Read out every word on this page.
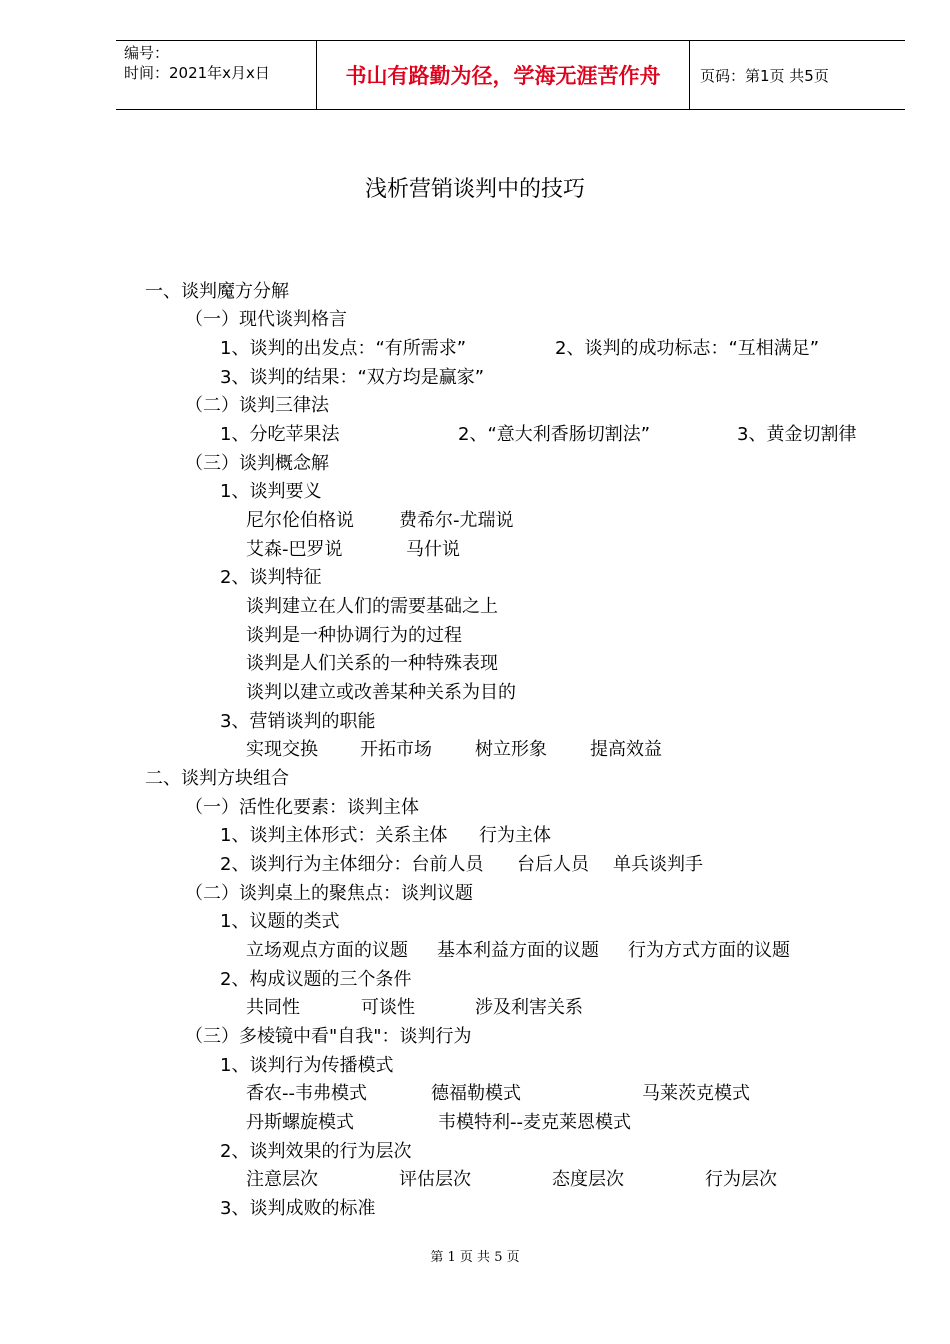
编号：
时间：2021年x月x日	书山有路勤为径，学海无涯苦作舟	页码：第1页 共5页
浅析营销谈判中的技巧
一、谈判魔方分解
（一）现代谈判格言
1、谈判的出发点：“有所需求”	2、谈判的成功标志：“互相满足”
3、谈判的结果：“双方均是赢家”
（二）谈判三律法
1、分吃苹果法	2、“意大利香肠切割法”	3、黄金切割律
（三）谈判概念解
1、谈判要义
尼尔伦伯格说	费希尔-尤瑞说
艾森-巴罗说	马什说
2、谈判特征
谈判建立在人们的需要基础之上
谈判是一种协调行为的过程
谈判是人们关系的一种特殊表现
谈判以建立或改善某种关系为目的
3、营销谈判的职能
实现交换 开拓市场 树立形象 提高效益
二、谈判方块组合
（一）活性化要素：谈判主体
1、谈判主体形式：关系主体 行为主体
2、谈判行为主体细分：台前人员 台后人员 单兵谈判手
（二）谈判桌上的聚焦点：谈判议题
1、议题的类式
立场观点方面的议题 基本利益方面的议题 行为方式方面的议题
2、构成议题的三个条件
共同性	可谈性	涉及利害关系
（三）多棱镜中看"自我"：谈判行为
1、谈判行为传播模式
香农--韦弗模式	德福勒模式	马莱茨克模式
丹斯螺旋模式	韦模特利--麦克莱恩模式
2、谈判效果的行为层次
注意层次	评估层次	态度层次	行为层次
3、谈判成败的标准
第 1 页 共 5 页
